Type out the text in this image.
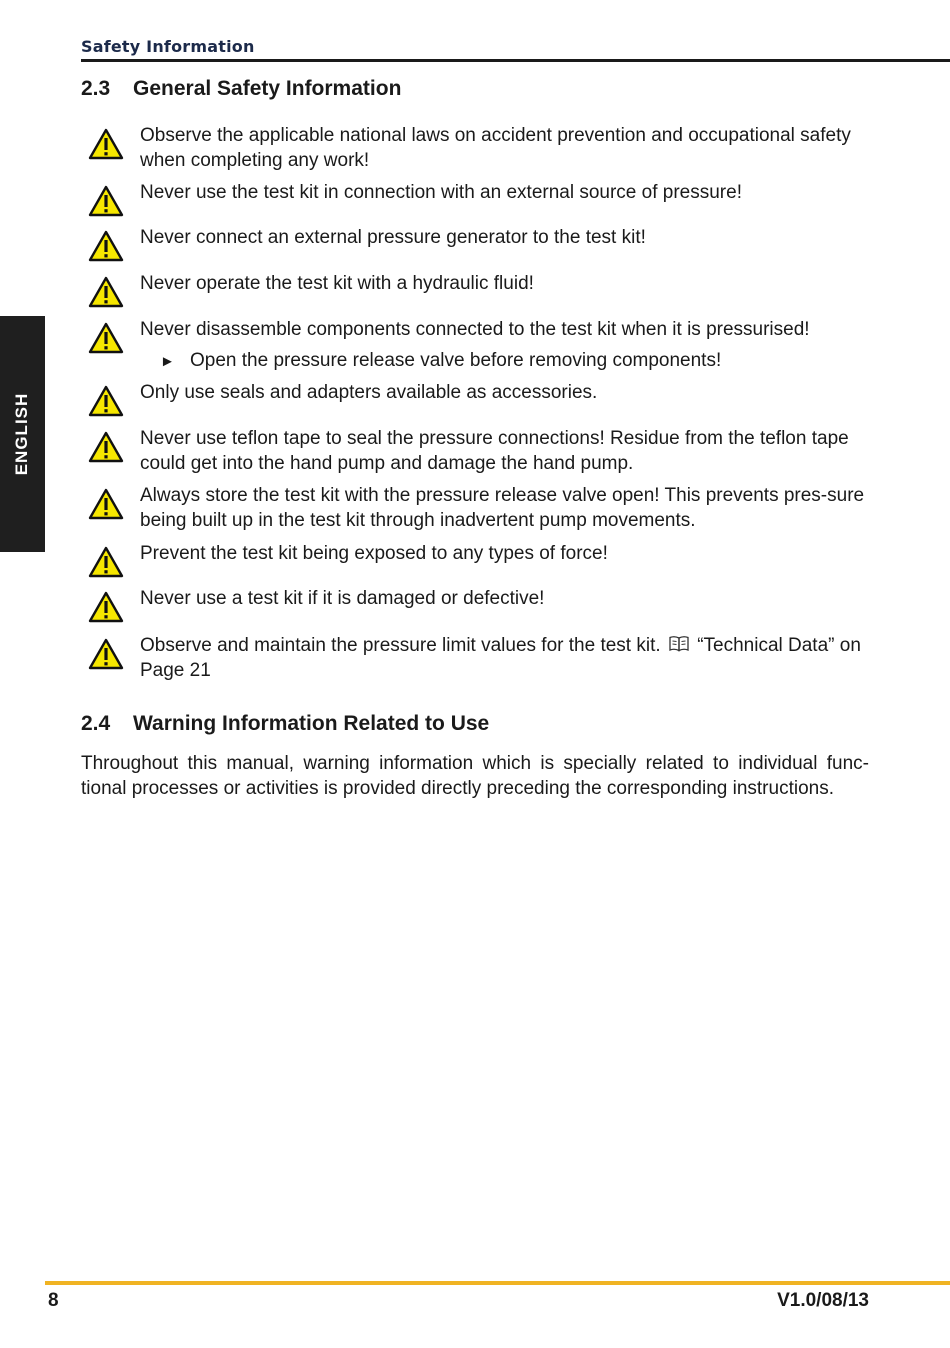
Safety Information
ENGLISH
2.3 General Safety Information
Observe the applicable national laws on accident prevention and occupational safety when completing any work!
Never use the test kit in connection with an external source of pressure!
Never connect an external pressure generator to the test kit!
Never operate the test kit with a hydraulic fluid!
Never disassemble components connected to the test kit when it is pressurised!
► Open the pressure release valve before removing components!
Only use seals and adapters available as accessories.
Never use teflon tape to seal the pressure connections! Residue from the teflon tape could get into the hand pump and damage the hand pump.
Always store the test kit with the pressure release valve open! This prevents pres-sure being built up in the test kit through inadvertent pump movements.
Prevent the test kit being exposed to any types of force!
Never use a test kit if it is damaged or defective!
Observe and maintain the pressure limit values for the test kit. “Technical Data” on Page 21
2.4 Warning Information Related to Use
Throughout this manual, warning information which is specially related to individual func-tional processes or activities is provided directly preceding the corresponding instructions.
8	V1.0/08/13
